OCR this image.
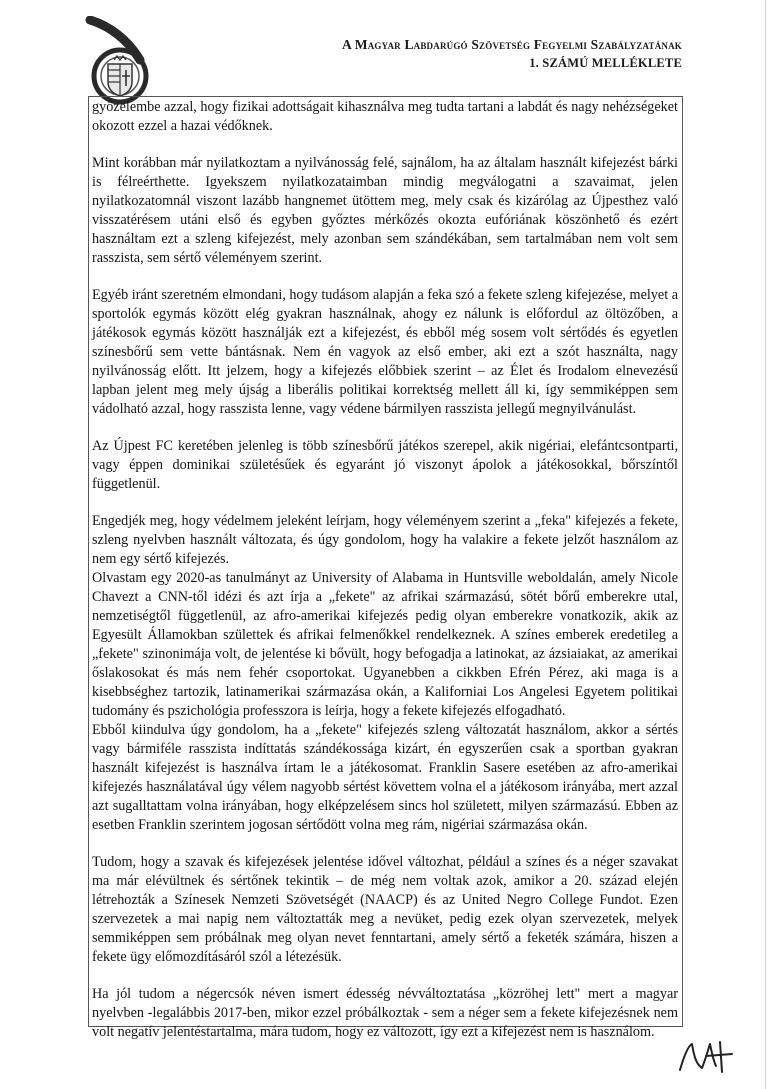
A Magyar Labdarúgó Szövetség Fegyelmi Szabályzatának
1. SZÁMÚ MELLÉKLETE

győzelembe azzal, hogy fizikai adottságait kihasználva meg tudta tartani a labdát és nagy nehézségeket okozott ezzel a hazai védőknek.

Mint korábban már nyilatkoztam a nyilvánosság felé, sajnálom, ha az általam használt kifejezést bárki is félreérthette. Igyekszem nyilatkozataimban mindig megválogatni a szavaimat, jelen nyilatkozatomnál viszont lazább hangnemet ütöttem meg, mely csak és kizárólag az Újpesthez való visszatérésem utáni első és egyben győztes mérkőzés okozta eufóriának köszönhető és ezért használtam ezt a szleng kifejezést, mely azonban sem szándékában, sem tartalmában nem volt sem rasszista, sem sértő véleményem szerint.

Egyéb iránt szeretném elmondani, hogy tudásom alapján a feka szó a fekete szleng kifejezése, melyet a sportolók egymás között elég gyakran használnak, ahogy ez nálunk is előfordul az öltözőben, a játékosok egymás között használják ezt a kifejezést, és ebből még sosem volt sértődés és egyetlen színesbőrű sem vette bántásnak. Nem én vagyok az első ember, aki ezt a szót használta, nagy nyilvánosság előtt. Itt jelzem, hogy a kifejezés előbbiek szerint – az Élet és Irodalom elnevezésű lapban jelent meg mely újság a liberális politikai korrektség mellett áll ki, így semmiképpen sem vádolható azzal, hogy rasszista lenne, vagy védene bármilyen rasszista jellegű megnyilvánulást.

Az Újpest FC keretében jelenleg is több színesbőrű játékos szerepel, akik nigériai, elefántcsontparti, vagy éppen dominikai születésűek és egyaránt jó viszonyt ápolok a játékosokkal, bőrszíntől függetlenül.

Engedjék meg, hogy védelmem jeleként leírjam, hogy véleményem szerint a „feka" kifejezés a fekete, szleng nyelvben használt változata, és úgy gondolom, hogy ha valakire a fekete jelzőt használom az nem egy sértő kifejezés.

Olvastam egy 2020-as tanulmányt az University of Alabama in Huntsville weboldalán, amely Nicole Chavezt a CNN-től idézi és azt írja a „fekete" az afrikai származású, sötét bőrű emberekre utal, nemzetiségtől függetlenül, az afro-amerikai kifejezés pedig olyan emberekre vonatkozik, akik az Egyesült Államokban születtek és afrikai felmenőkkel rendelkeznek. A színes emberek eredetileg a „fekete" szinonimája volt, de jelentése ki bővült, hogy befogadja a latinokat, az ázsiaiakat, az amerikai őslakosokat és más nem fehér csoportokat. Ugyanebben a cikkben Efrén Pérez, aki maga is a kisebbséghez tartozik, latinamerikai származása okán, a Kaliforniai Los Angelesi Egyetem politikai tudomány és pszichológia professzora is leírja, hogy a fekete kifejezés elfogadható.

Ebből kiindulva úgy gondolom, ha a „fekete" kifejezés szleng változatát használom, akkor a sértés vagy bármiféle rasszista indíttatás szándékossága kizárt, én egyszerűen csak a sportban gyakran használt kifejezést is használva írtam le a játékosomat. Franklin Sasere esetében az afro-amerikai kifejezés használatával úgy vélem nagyobb sértést követtem volna el a játékosom irányába, mert azzal azt sugalltattam volna irányában, hogy elképzelésem sincs hol született, milyen származású. Ebben az esetben Franklin szerintem jogosan sértődött volna meg rám, nigériai származása okán.

Tudom, hogy a szavak és kifejezések jelentése idővel változhat, például a színes és a néger szavakat ma már elévültnek és sértőnek tekintik – de még nem voltak azok, amikor a 20. század elején létrehozták a Színesek Nemzeti Szövetségét (NAACP) és az United Negro College Fundot. Ezen szervezetek a mai napig nem változtatták meg a nevüket, pedig ezek olyan szervezetek, melyek semmiképpen sem próbálnak meg olyan nevet fenntartani, amely sértő a feketék számára, hiszen a fekete ügy előmozdításáról szól a létezésük.

Ha jól tudom a négercsók néven ismert édesség névváltoztatása „közröhej lett" mert a magyar nyelvben -legalábbis 2017-ben, mikor ezzel próbálkoztak - sem a néger sem a fekete kifejezésnek nem volt negatív jelentéstartalma, mára tudom, hogy ez változott, így ezt a kifejezést nem is használom.
